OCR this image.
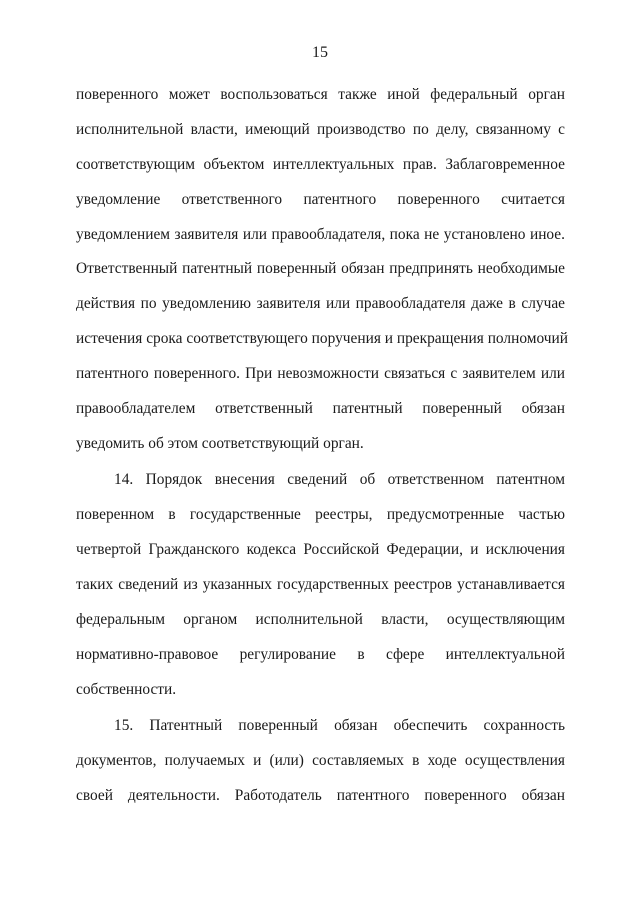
15
поверенного может воспользоваться также иной федеральный орган
исполнительной власти, имеющий производство по делу, связанному с
соответствующим объектом интеллектуальных прав. Заблаговременное
уведомление ответственного патентного поверенного считается
уведомлением заявителя или правообладателя, пока не установлено иное.
Ответственный патентный поверенный обязан предпринять необходимые
действия по уведомлению заявителя или правообладателя даже в случае
истечения срока соответствующего поручения и прекращения полномочий
патентного поверенного. При невозможности связаться с заявителем или
правообладателем ответственный патентный поверенный обязан
уведомить об этом соответствующий орган.
14. Порядок внесения сведений об ответственном патентном
поверенном в государственные реестры, предусмотренные частью
четвертой Гражданского кодекса Российской Федерации, и исключения
таких сведений из указанных государственных реестров устанавливается
федеральным органом исполнительной власти, осуществляющим
нормативно-правовое регулирование в сфере интеллектуальной
собственности.
15. Патентный поверенный обязан обеспечить сохранность
документов, получаемых и (или) составляемых в ходе осуществления
своей деятельности. Работодатель патентного поверенного обязан
